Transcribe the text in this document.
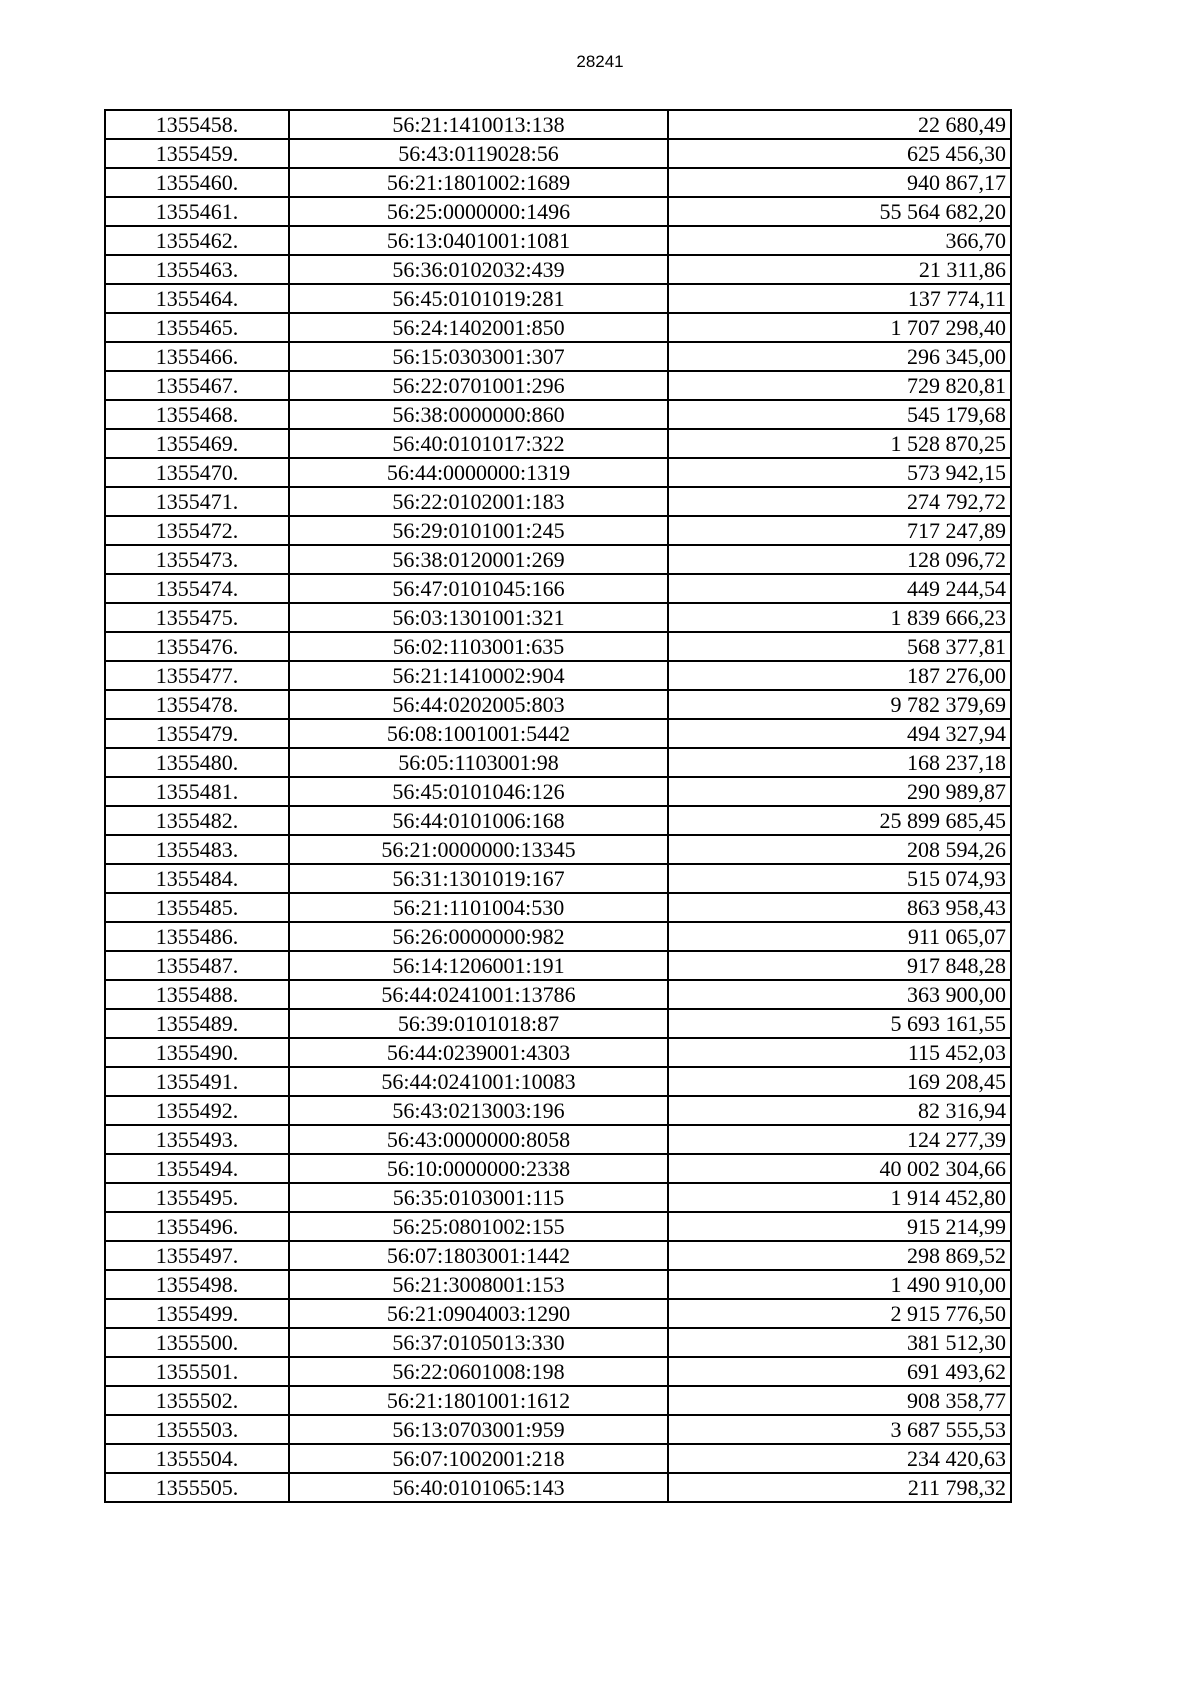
28241
1355458.	56:21:1410013:138	22 680,49
1355459.	56:43:0119028:56	625 456,30
1355460.	56:21:1801002:1689	940 867,17
1355461.	56:25:0000000:1496	55 564 682,20
1355462.	56:13:0401001:1081	366,70
1355463.	56:36:0102032:439	21 311,86
1355464.	56:45:0101019:281	137 774,11
1355465.	56:24:1402001:850	1 707 298,40
1355466.	56:15:0303001:307	296 345,00
1355467.	56:22:0701001:296	729 820,81
1355468.	56:38:0000000:860	545 179,68
1355469.	56:40:0101017:322	1 528 870,25
1355470.	56:44:0000000:1319	573 942,15
1355471.	56:22:0102001:183	274 792,72
1355472.	56:29:0101001:245	717 247,89
1355473.	56:38:0120001:269	128 096,72
1355474.	56:47:0101045:166	449 244,54
1355475.	56:03:1301001:321	1 839 666,23
1355476.	56:02:1103001:635	568 377,81
1355477.	56:21:1410002:904	187 276,00
1355478.	56:44:0202005:803	9 782 379,69
1355479.	56:08:1001001:5442	494 327,94
1355480.	56:05:1103001:98	168 237,18
1355481.	56:45:0101046:126	290 989,87
1355482.	56:44:0101006:168	25 899 685,45
1355483.	56:21:0000000:13345	208 594,26
1355484.	56:31:1301019:167	515 074,93
1355485.	56:21:1101004:530	863 958,43
1355486.	56:26:0000000:982	911 065,07
1355487.	56:14:1206001:191	917 848,28
1355488.	56:44:0241001:13786	363 900,00
1355489.	56:39:0101018:87	5 693 161,55
1355490.	56:44:0239001:4303	115 452,03
1355491.	56:44:0241001:10083	169 208,45
1355492.	56:43:0213003:196	82 316,94
1355493.	56:43:0000000:8058	124 277,39
1355494.	56:10:0000000:2338	40 002 304,66
1355495.	56:35:0103001:115	1 914 452,80
1355496.	56:25:0801002:155	915 214,99
1355497.	56:07:1803001:1442	298 869,52
1355498.	56:21:3008001:153	1 490 910,00
1355499.	56:21:0904003:1290	2 915 776,50
1355500.	56:37:0105013:330	381 512,30
1355501.	56:22:0601008:198	691 493,62
1355502.	56:21:1801001:1612	908 358,77
1355503.	56:13:0703001:959	3 687 555,53
1355504.	56:07:1002001:218	234 420,63
1355505.	56:40:0101065:143	211 798,32
